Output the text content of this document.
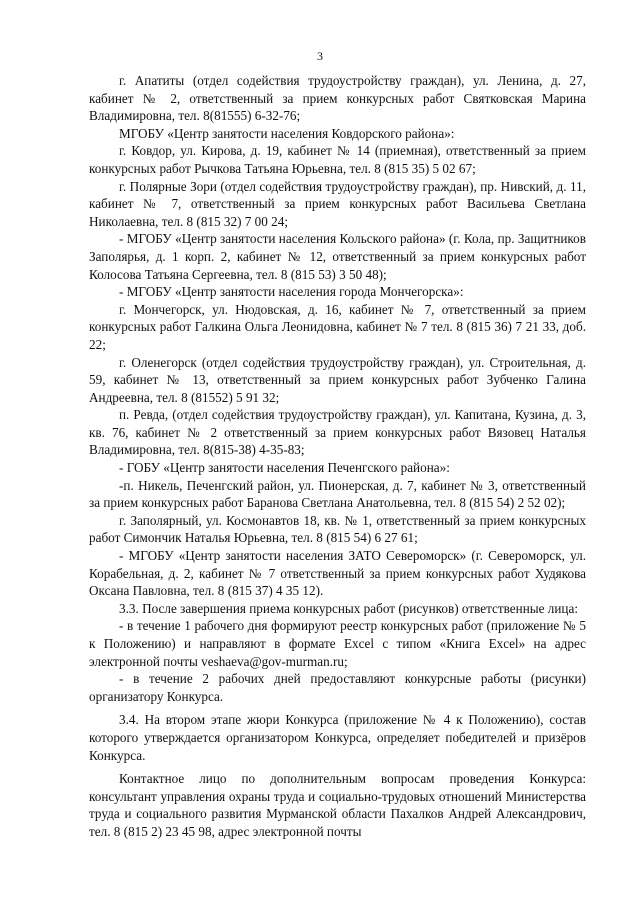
3

г. Апатиты (отдел содействия трудоустройству граждан), ул. Ленина, д. 27, кабинет № 2, ответственный за прием конкурсных работ Святковская Марина Владимировна, тел. 8(81555) 6-32-76;

МГОБУ «Центр занятости населения Ковдорского района»:

г. Ковдор, ул. Кирова, д. 19, кабинет № 14 (приемная), ответственный за прием конкурсных работ Рычкова Татьяна Юрьевна, тел. 8 (815 35) 5 02 67;

г. Полярные Зори (отдел содействия трудоустройству граждан), пр. Нивский, д. 11, кабинет № 7, ответственный за прием конкурсных работ Васильева Светлана Николаевна, тел. 8 (815 32) 7 00 24;

- МГОБУ «Центр занятости населения Кольского района» (г. Кола, пр. Защитников Заполярья, д. 1 корп. 2, кабинет № 12, ответственный за прием конкурсных работ Колосова Татьяна Сергеевна, тел. 8 (815 53) 3 50 48);

- МГОБУ «Центр занятости населения города Мончегорска»:

г. Мончегорск, ул. Нюдовская, д. 16, кабинет № 7, ответственный за прием конкурсных работ Галкина Ольга Леонидовна, кабинет № 7 тел. 8 (815 36) 7 21 33, доб. 22;

г. Оленегорск (отдел содействия трудоустройству граждан), ул. Строительная, д. 59, кабинет № 13, ответственный за прием конкурсных работ Зубченко Галина Андреевна, тел. 8 (81552) 5 91 32;

п. Ревда, (отдел содействия трудоустройству граждан), ул. Капитана, Кузина, д. 3, кв. 76, кабинет № 2 ответственный за прием конкурсных работ Вязовец Наталья Владимировна, тел. 8(815-38) 4-35-83;

- ГОБУ «Центр занятости населения Печенгского района»:

-п. Никель, Печенгский район, ул. Пионерская, д. 7, кабинет № 3, ответственный за прием конкурсных работ Баранова Светлана Анатольевна, тел. 8 (815 54) 2 52 02);

г. Заполярный, ул. Космонавтов 18, кв. № 1, ответственный за прием конкурсных работ Симончик Наталья Юрьевна, тел. 8 (815 54) 6 27 61;

- МГОБУ «Центр занятости населения ЗАТО Североморск» (г. Североморск, ул. Корабельная, д. 2, кабинет № 7 ответственный за прием конкурсных работ Худякова Оксана Павловна, тел. 8 (815 37) 4 35 12).

3.3. После завершения приема конкурсных работ (рисунков) ответственные лица:

- в течение 1 рабочего дня формируют реестр конкурсных работ (приложение № 5 к Положению) и направляют в формате Excel с типом «Книга Excel» на адрес электронной почты veshaeva@gov-murman.ru;

- в течение 2 рабочих дней предоставляют конкурсные работы (рисунки) организатору Конкурса.

3.4. На втором этапе жюри Конкурса (приложение № 4 к Положению), состав которого утверждается организатором Конкурса, определяет победителей и призёров Конкурса.

Контактное лицо по дополнительным вопросам проведения Конкурса: консультант управления охраны труда и социально-трудовых отношений Министерства труда и социального развития Мурманской области Пахалков Андрей Александрович, тел. 8 (815 2) 23 45 98, адрес электронной почты
